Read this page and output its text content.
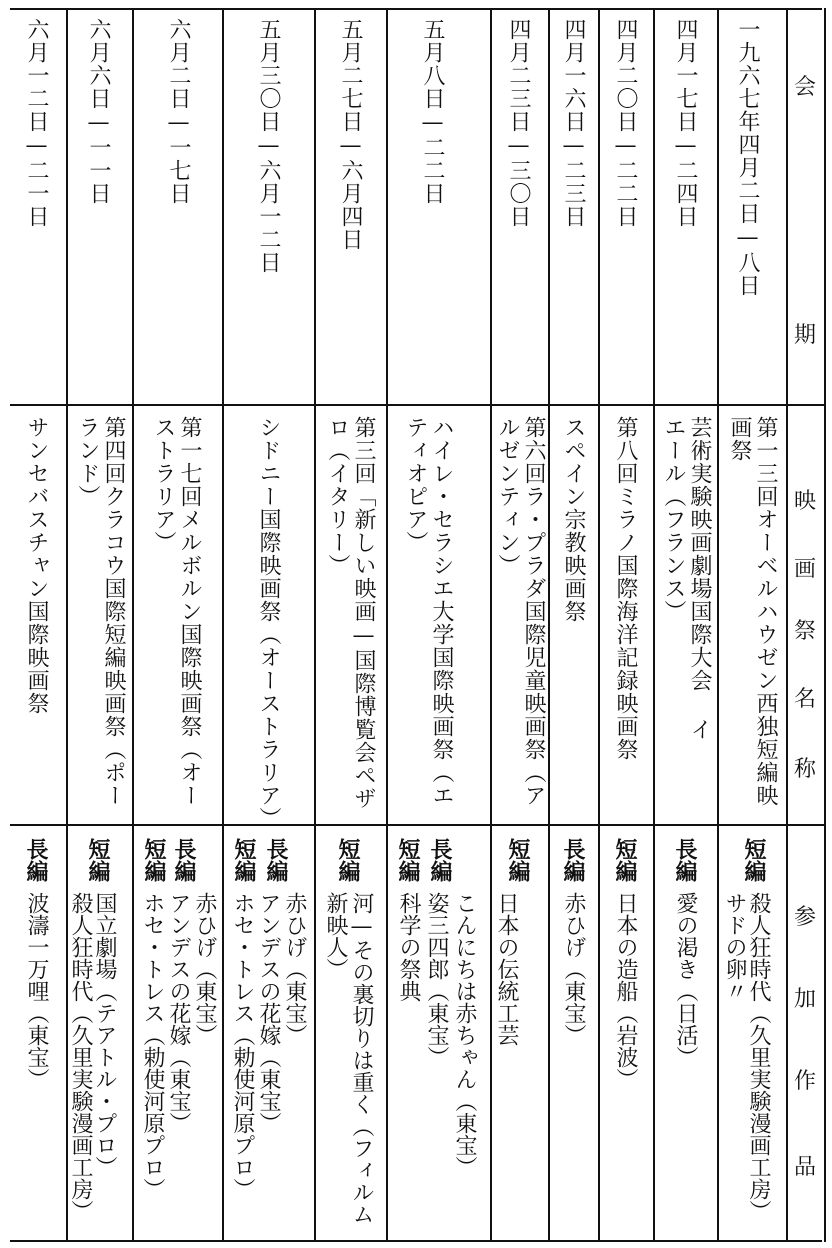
会
期
映
画
祭
名
称
参
加
作
品
一九六七年四月二日—八日
第一三回オーベルハウゼン西独短編映画祭
短編
殺人狂時代（久里実験漫画工房）
サドの卵〃
四月一七日—二四日
芸術実験映画劇場国際大会 イエール（フランス）
長編
愛の渇き（日活）
四月二〇日—二二日
第八回ミラノ国際海洋記録映画祭
短編
日本の造船（岩波）
四月一六日—二三日
スペイン宗教映画祭
長編
赤ひげ（東宝）
四月二三日—三〇日
第六回ラ・プラダ国際児童映画祭（アルゼンティン）
短編
日本の伝統工芸
五月八日—二二日
ハイレ・セラシエ大学国際映画祭（エティオピア）
長編
短編
こんにちは赤ちゃん（東宝）
姿三四郎（東宝）
科学の祭典
五月二七日—六月四日
第三回「新しい映画—国際博覧会ペザロ（イタリー）
短編
河—その裏切りは重く（フィルム新映人）
五月三〇日—六月一二日
シドニー国際映画祭（オーストラリア）
長編
短編
赤ひげ（東宝）
アンデスの花嫁（東宝）
ホセ・トレス（勅使河原プロ）
六月二日—一七日
第一七回メルボルン国際映画祭（オーストラリア）
長編
短編
赤ひげ（東宝）
アンデスの花嫁（東宝）
ホセ・トレス（勅使河原プロ）
六月六日—一一日
第四回クラコウ国際短編映画祭（ポーランド）
短編
国立劇場（テアトル・プロ）
殺人狂時代（久里実験漫画工房）
六月一二日—二一日
サンセバスチャン国際映画祭
長編
波濤一万哩（東宝）
